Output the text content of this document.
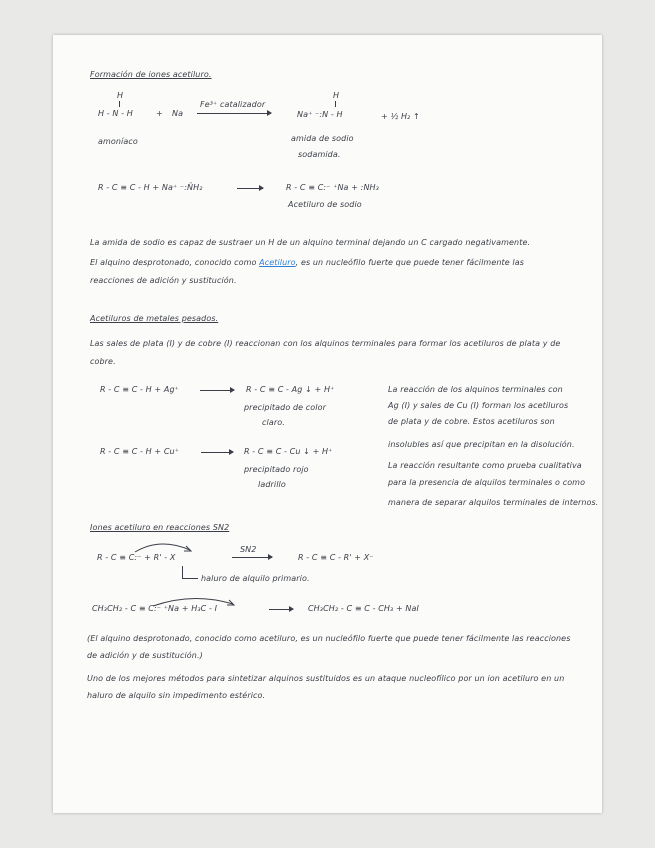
Formación de iones acetiluro.
H
H - N - H
amoníaco
+ Na
Fe³⁺ catalizador
H
Na⁺ ⁻:N - H
amida de sodio
sodamida.
+ ½ H₂ ↑
R - C ≡ C - H + Na⁺ ⁻:N̈H₂ →	R - C ≡ C:⁻ ⁺Na + :NH₃
Acetiluro de sodio
La amida de sodio es capaz de sustraer un H de un alquino terminal dejando un C cargado negativamente.
El alquino desprotonado, conocido como Acetiluro, es un nucleófilo fuerte que puede tener fácilmente las
reacciones de adición y sustitución.
Acetiluros de metales pesados.
Las sales de plata (I) y de cobre (I) reaccionan con los alquinos terminales para formar los acetiluros de plata y de
cobre.
R - C ≡ C - H + Ag⁺ → R - C ≡ C - Ag ↓ + H⁺
precipitado de color
claro.
R - C ≡ C - H + Cu⁺ → R - C ≡ C - Cu ↓ + H⁺
precipitado rojo
ladrillo
La reacción de los alquinos terminales con
Ag (I) y sales de Cu (I) forman los acetiluros
de plata y de cobre. Estos acetiluros son
insolubles así que precipitan en la disolución.
La reacción resultante como prueba cualitativa
para la presencia de alquilos terminales o como
manera de separar alquilos terminales de internos.
Iones acetiluro en reacciones SN2
R - C ≡ C:⁻ + R' - X
SN2
R - C ≡ C - R' + X⁻
haluro de alquilo primario.
CH₃CH₂ - C ≡ C:⁻ ⁺Na + H₃C - I	→ CH₃CH₂ - C ≡ C - CH₃ + NaI
(El alquino desprotonado, conocido como acetiluro, es un nucleófilo fuerte que puede tener fácilmente las reacciones
de adición y de sustitución.)
Uno de los mejores métodos para sintetizar alquinos sustituidos es un ataque nucleofílico por un ion acetiluro en un
haluro de alquilo sin impedimento estérico.
